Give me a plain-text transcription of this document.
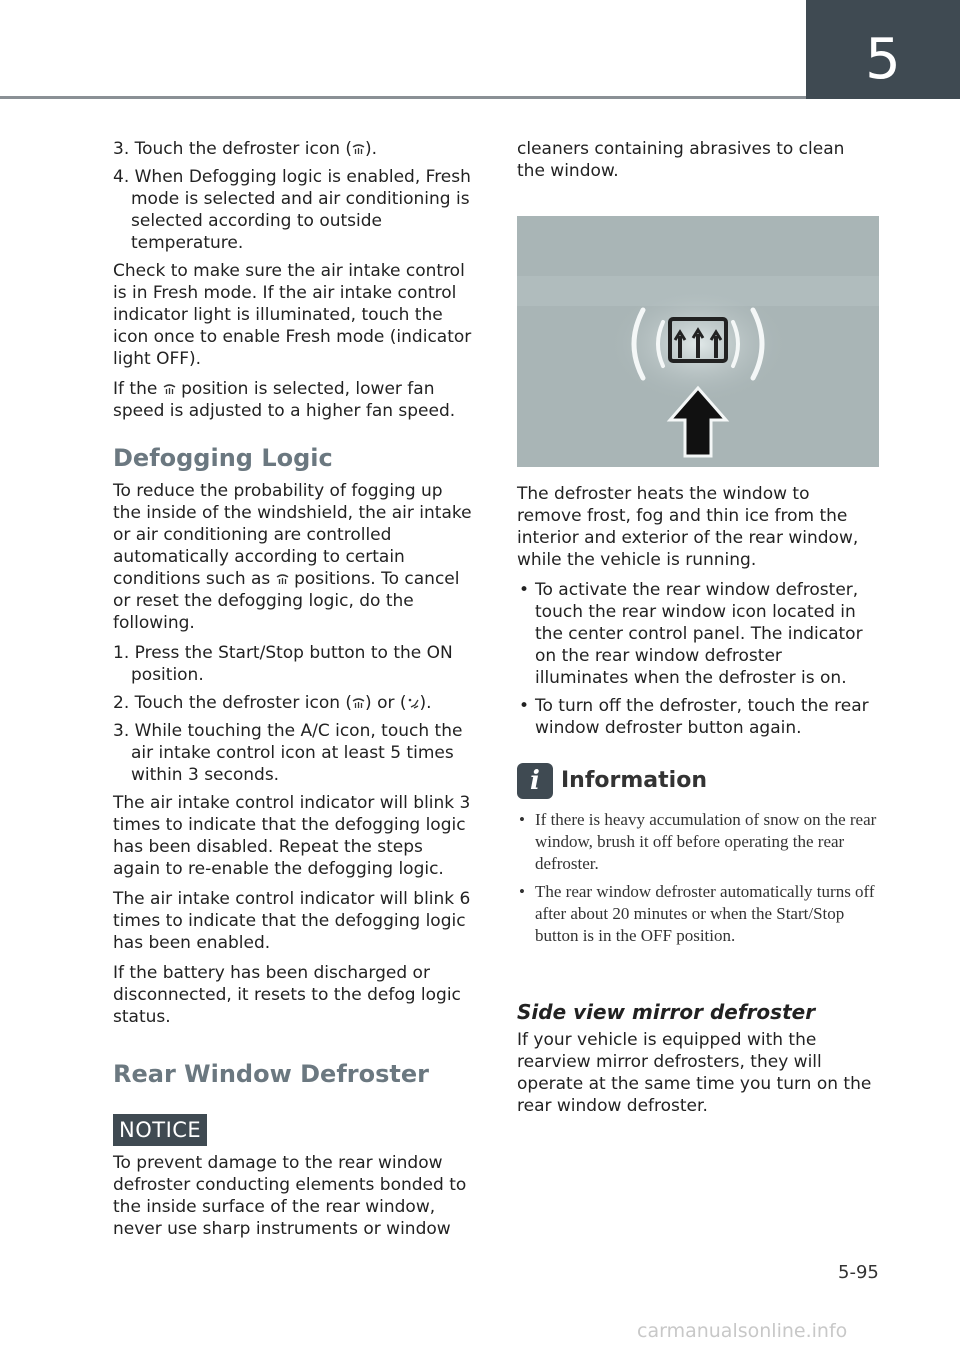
5

3. Touch the defroster icon ( ).

4. When Defogging logic is enabled, Fresh mode is selected and air conditioning is selected according to outside temperature.

Check to make sure the air intake control is in Fresh mode. If the air intake control indicator light is illuminated, touch the icon once to enable Fresh mode (indicator light OFF).

If the  position is selected, lower fan speed is adjusted to a higher fan speed.

Defogging Logic

To reduce the probability of fogging up the inside of the windshield, the air intake or air conditioning are controlled automatically according to certain conditions such as  positions. To cancel or reset the defogging logic, do the following.

1. Press the Start/Stop button to the ON position.

2. Touch the defroster icon ( ) or ( ).

3. While touching the A/C icon, touch the air intake control icon at least 5 times within 3 seconds.

The air intake control indicator will blink 3 times to indicate that the defogging logic has been disabled. Repeat the steps again to re-enable the defogging logic.

The air intake control indicator will blink 6 times to indicate that the defogging logic has been enabled.

If the battery has been discharged or disconnected, it resets to the defog logic status.

Rear Window Defroster
NOTICE

To prevent damage to the rear window defroster conducting elements bonded to the inside surface of the rear window, never use sharp instruments or window

cleaners containing abrasives to clean the window.

The defroster heats the window to remove frost, fog and thin ice from the interior and exterior of the rear window, while the vehicle is running.

• To activate the rear window defroster, touch the rear window icon located in the center control panel. The indicator on the rear window defroster illuminates when the defroster is on.

• To turn off the defroster, touch the rear window defroster button again.

i Information

• If there is heavy accumulation of snow on the rear window, brush it off before operating the rear defroster.

• The rear window defroster automatically turns off after about 20 minutes or when the Start/Stop button is in the OFF position.

Side view mirror defroster

If your vehicle is equipped with the rearview mirror defrosters, they will operate at the same time you turn on the rear window defroster.

5-95
carmanualsonline.info
